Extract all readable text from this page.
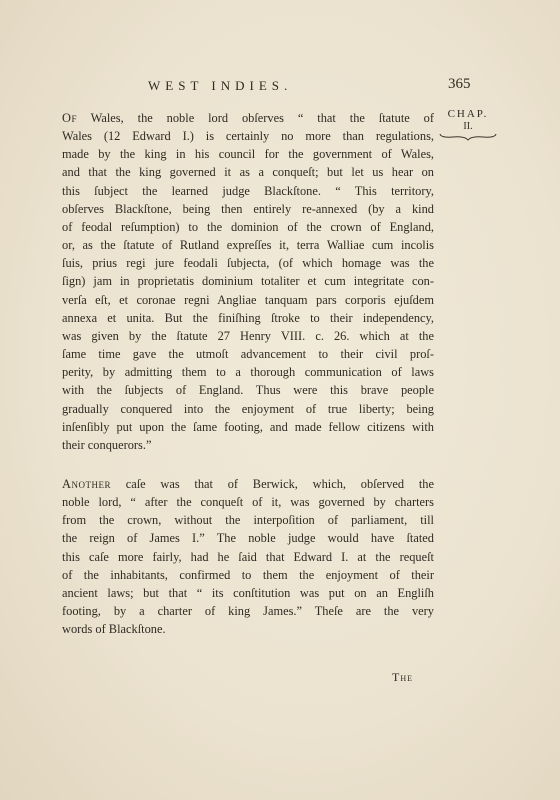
WEST INDIES.	365
CHAP.
II.
Of Wales, the noble lord obſerves “ that the ſtatute of
Wales (12 Edward I.) is certainly no more than regulations,
made by the king in his council for the government of Wales,
and that the king governed it as a conqueſt; but let us hear on
this ſubject the learned judge Blackſtone. “ This territory,
obſerves Blackſtone, being then entirely re-annexed (by a kind
of feodal reſumption) to the dominion of the crown of England,
or, as the ſtatute of Rutland expreſſes it, terra Walliae cum incolis
ſuis, prius regi jure feodali ſubjecta, (of which homage was the
ſign) jam in proprietatis dominium totaliter et cum integritate con-
verſa eſt, et coronae regni Angliae tanquam pars corporis ejuſdem
annexa et unita. But the finiſhing ſtroke to their independency,
was given by the ſtatute 27 Henry VIII. c. 26. which at the
ſame time gave the utmoſt advancement to their civil proſ-
perity, by admitting them to a thorough communication of laws
with the ſubjects of England. Thus were this brave people
gradually conquered into the enjoyment of true liberty; being
inſenſibly put upon the ſame footing, and made fellow citizens with
their conquerors.”
Another caſe was that of Berwick, which, obſerved the
noble lord, “ after the conqueſt of it, was governed by charters
from the crown, without the interpoſition of parliament, till
the reign of James I.” The noble judge would have ſtated
this caſe more fairly, had he ſaid that Edward I. at the requeſt
of the inhabitants, confirmed to them the enjoyment of their
ancient laws; but that “ its conſtitution was put on an Engliſh
footing, by a charter of king James.” Theſe are the very
words of Blackſtone.
The
